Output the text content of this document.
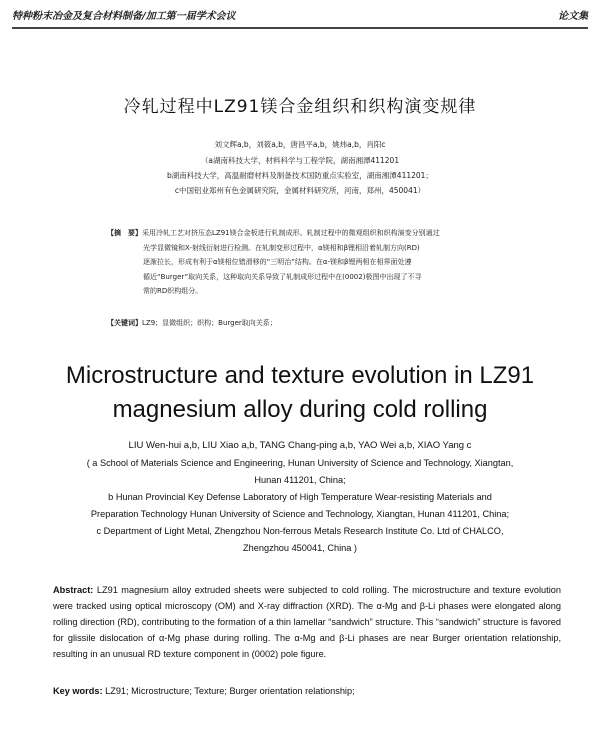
特种粉末冶金及复合材料制备/加工第一届学术会议	论文集
冷轧过程中LZ91镁合金组织和织构演变规律
刘文辉a,b，刘筱a,b，唐昌平a,b，姚炜a,b，肖阳c
（a湖南科技大学，材料科学与工程学院，湖南湘潭411201
b湖南科技大学，高温耐磨材料及制备技术国防重点实验室，湖南湘潭411201；
c中国铝业郑州有色金属研究院，金属材料研究所，河南，郑州，450041）
【摘　要】采用冷轧工艺对挤压态LZ91镁合金板进行轧制成形。轧制过程中的微观组织和织构演变分别通过
光学显微镜和X-射线衍射进行检测。在轧制变形过程中，α镁相和β锂相沿着轧制方向(RD)
逐渐拉长，形成有利于α镁相位错滑移的“三明治”结构。在α-镁和β锂两相在相界面处遵
循近“Burger”取向关系，这种取向关系导致了轧制成形过程中在(0002)极图中出现了不寻
常的RD织构组分。
【关键词】LZ9；显微组织；织构；Burger取向关系；
Microstructure and texture evolution in LZ91
magnesium alloy during cold rolling
LIU Wen-hui a,b, LIU Xiao a,b, TANG Chang-ping a,b, YAO Wei a,b, XIAO Yang c
( a School of Materials Science and Engineering, Hunan University of Science and Technology, Xiangtan,
Hunan 411201, China;
b Hunan Provincial Key Defense Laboratory of High Temperature Wear-resisting Materials and
Preparation Technology Hunan University of Science and Technology, Xiangtan, Hunan 411201, China;
c Department of Light Metal, Zhengzhou Non-ferrous Metals Research Institute Co. Ltd of CHALCO,
Zhengzhou 450041, China )
Abstract: LZ91 magnesium alloy extruded sheets were subjected to cold rolling. The microstructure and texture evolution were tracked using optical microscopy (OM) and X-ray diffraction (XRD). The α-Mg and β-Li phases were elongated along rolling direction (RD), contributing to the formation of a thin lamellar “sandwich” structure. This “sandwich” structure is favored for glissile dislocation of α-Mg phase during rolling. The α-Mg and β-Li phases are near Burger orientation relationship, resulting in an unusual RD texture component in (0002) pole figure.
Key words: LZ91; Microstructure; Texture; Burger orientation relationship;
